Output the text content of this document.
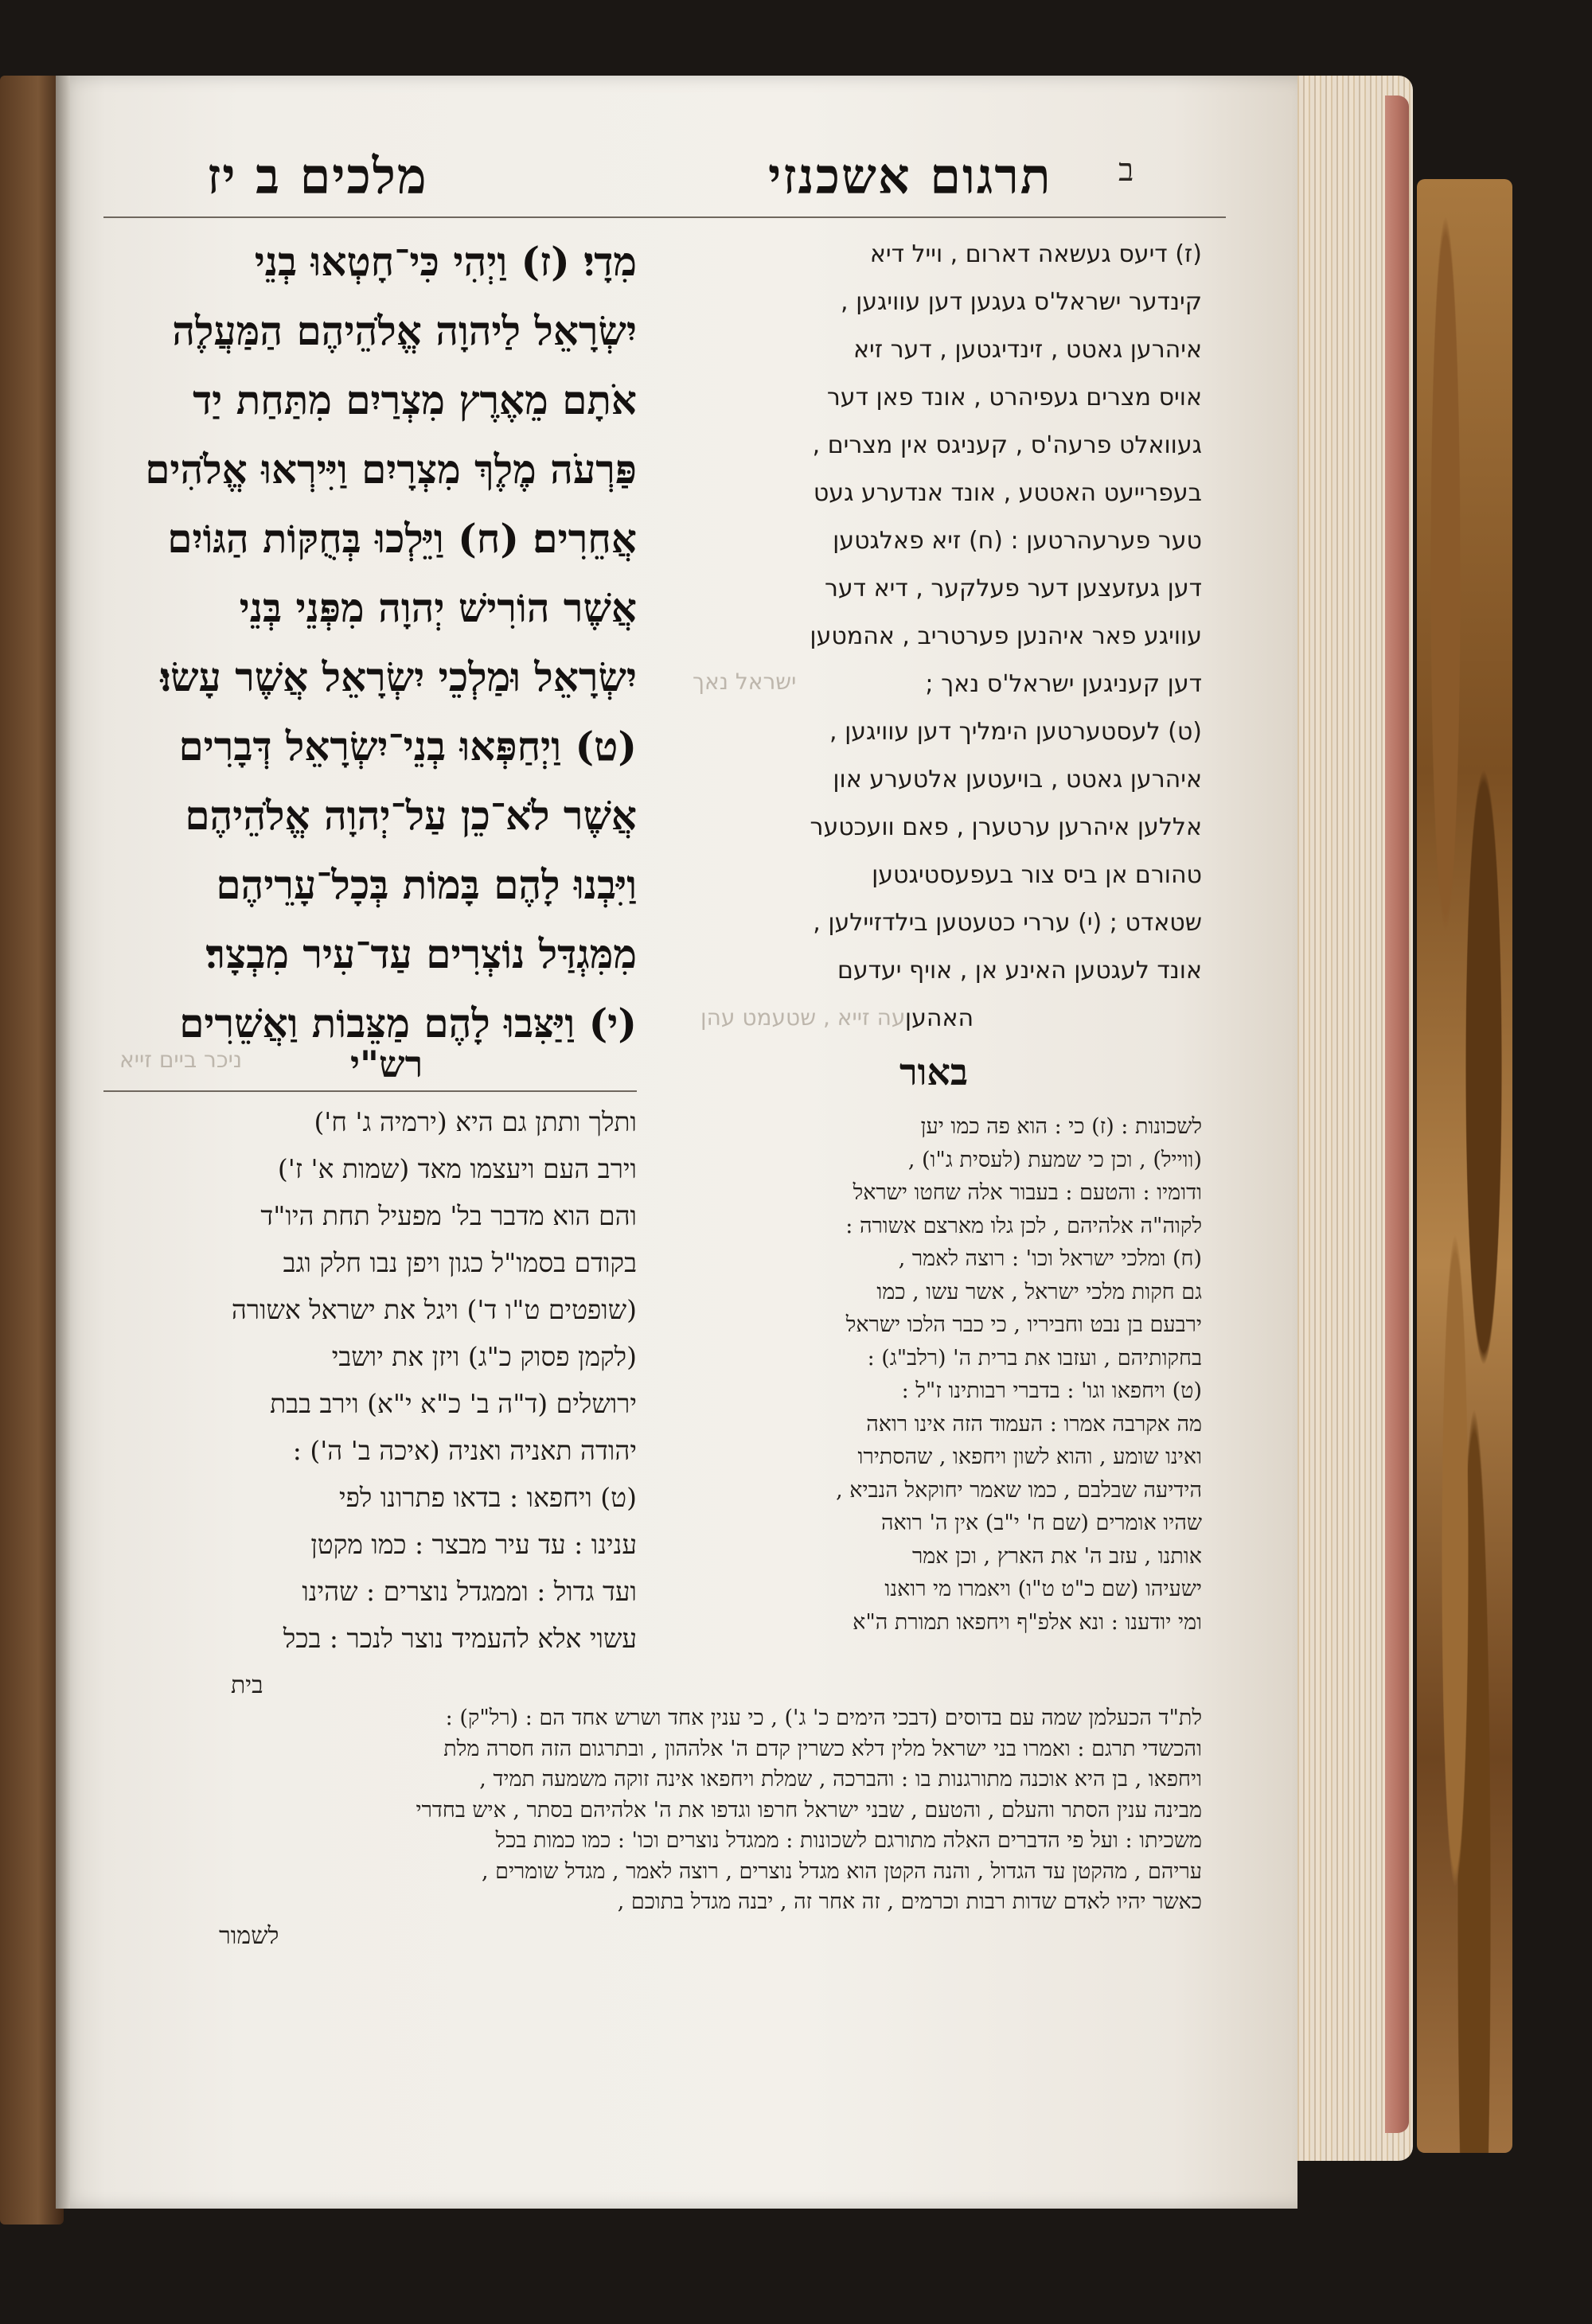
מלכים ב יז	תרגום אשכנזי ב
מִדָי׃ (ז) וַיְהִי כִּי־חָטְאוּ בְנֵי
יִשְׂרָאֵל לַיהוָה אֱלֹהֵיהֶם הַמַּעֲלֶה
אֹתָם מֵאֶרֶץ מִצְרַיִם מִתַּחַת יַד
פַּרְעֹה מֶלֶךְ מִצְרָיִם וַיִּירְאוּ אֱלֹהִים
אֲחֵרִים׃ (ח) וַיֵּלְכוּ בְּחֻקּוֹת הַגּוֹיִם
אֲשֶׁר הוֹרִישׁ יְהוָה מִפְּנֵי בְּנֵי
יִשְׂרָאֵל וּמַלְכֵי יִשְׂרָאֵל אֲשֶׁר עָשׂוּ׃
(ט) וַיְחַפְּאוּ בְנֵי־יִשְׂרָאֵל דְּבָרִים
אֲשֶׁר לֹא־כֵן עַל־יְהוָה אֱלֹהֵיהֶם
וַיִּבְנוּ לָהֶם בָּמוֹת בְּכָל־עָרֵיהֶם
מִמִּגְדַּל נוֹצְרִים עַד־עִיר מִבְצָר׃
(י) וַיַּצִּבוּ לָהֶם מַצֵּבוֹת וַאֲשֵׁרִים
(ז) דיעס געשאה דארום , וייל דיא
קינדער ישראל'ס געגען דען עוויגען ,
איהרען גאטט , זינדיגטען , דער זיא
אויס מצרים געפיהרט , אונד פאן דער
געוואלט פרעה'ס , קעניגס אין מצרים ,
בעפרייעט האטטע , אונד אנדערע געט
טער פערעהרטען : (ח) זיא פאלגטען
דען געזעצען דער פעלקער , דיא דער
עוויגע פאר איהנען פערטריב , אהמטען
דען קעניגען ישראל'ס נאך ;
(ט) לעסטערטען הימליך דען עוויגען ,
איהרען גאטט , בויעטען אלטערע און
אללען איהרען ערטערן , פאם וועכטער
טהורם אן ביס צור בעפעסטיגטען
שטאדט ; (י) עררי כטעטען בילדזיילען ,
אונד לעגטען האינע אן , אויף יעדעם
האהען
ישראל נאך
עה זייא , שטעמט עהן
ניכר ביים זייא	רש"י
ותלך ותתן גם היא (ירמיה ג' ח')
וירב העם ויעצמו מאד (שמות א' ז')
והם הוא מדבר בל' מפעיל תחת היו"ד
בקודם בסמו"ל כגון ויפן נבו חלק וגב
(שופטים ט"ו ד') ויגל את ישראל אשורה
(לקמן פסוק כ"ג) ויזן את יושבי
ירושלים (ד"ה ב' כ"א י"א) וירב בבת
יהודה תאניה ואניה (איכה ב' ה') :
(ט) ויחפאו : בדאו פתרונו לפי
ענינו : עד עיר מבצר : כמו מקטן
ועד גדול : וממגדל נוצרים : שהינו
עשוי אלא להעמיד נוצר לנכר : בכל
בית
באור
לשכונות : (ז) כי : הוא פה כמו יען
(ווייל) , וכן כי שמעת (לעסית ג"ו) ,
ודומיו : והטעם : בעבור אלה שחטו ישראל
לקוה"ה אלהיהם , לכן גלו מארצם אשורה :
(ח) ומלכי ישראל וכו' : רוצה לאמר ,
גם חקות מלכי ישראל , אשר עשו , כמו
ירבעם בן נבט וחביריו , כי כבר הלכו ישראל
בחקותיהם , ועזבו את ברית ה' (רלב"ג) :
(ט) ויחפאו וגו' : בדברי רבותינו ז"ל :
מה אקרבה אמרו : העמוד הזה אינו רואה
ואינו שומע , והוא לשון ויחפאו , שהסתירו
הידיעה שבלבם , כמו שאמר יחוקאל הנביא ,
שהיו אומרים (שם ח' י"ב) אין ה' רואה
אותנו , עזב ה' את הארץ , וכן אמר
ישעיהו (שם כ"ט ט"ו) ויאמרו מי רואנו
ומי יודענו : ונא אלפ"ף ויחפאו תמורת ה"א
לת"ד הכעלמן שמה עם בדוסים (דבכי הימים כ' ג') , כי ענין אחד ושרש אחד הם : (רל"ק) :
והכשדי תרגם : ואמרו בני ישראל מלין דלא כשרין קדם ה' אלההון , ובתרגום הזה חסרה מלת
ויחפאו , בן היא אוכנה מתורגנות בו : והברכה , שמלת ויחפאו אינה זוקה משמעה תמיד ,
מבינה ענין הסתר והעלם , והטעם , שבני ישראל חרפו וגדפו את ה' אלהיהם בסתר , איש בחדרי
משכיתו : ועל פי הדברים האלה מתורגם לשכונות : ממגדל נוצרים וכו' : כמו כמות בכל
עריהם , מהקטן עד הגדול , והנה הקטן הוא מגדל נוצרים , רוצה לאמר , מגדל שומרים ,
כאשר יהיו לאדם שדות רבות וכרמים , זה אחר זה , יבנה מגדל בתוכם ,
לשמור
